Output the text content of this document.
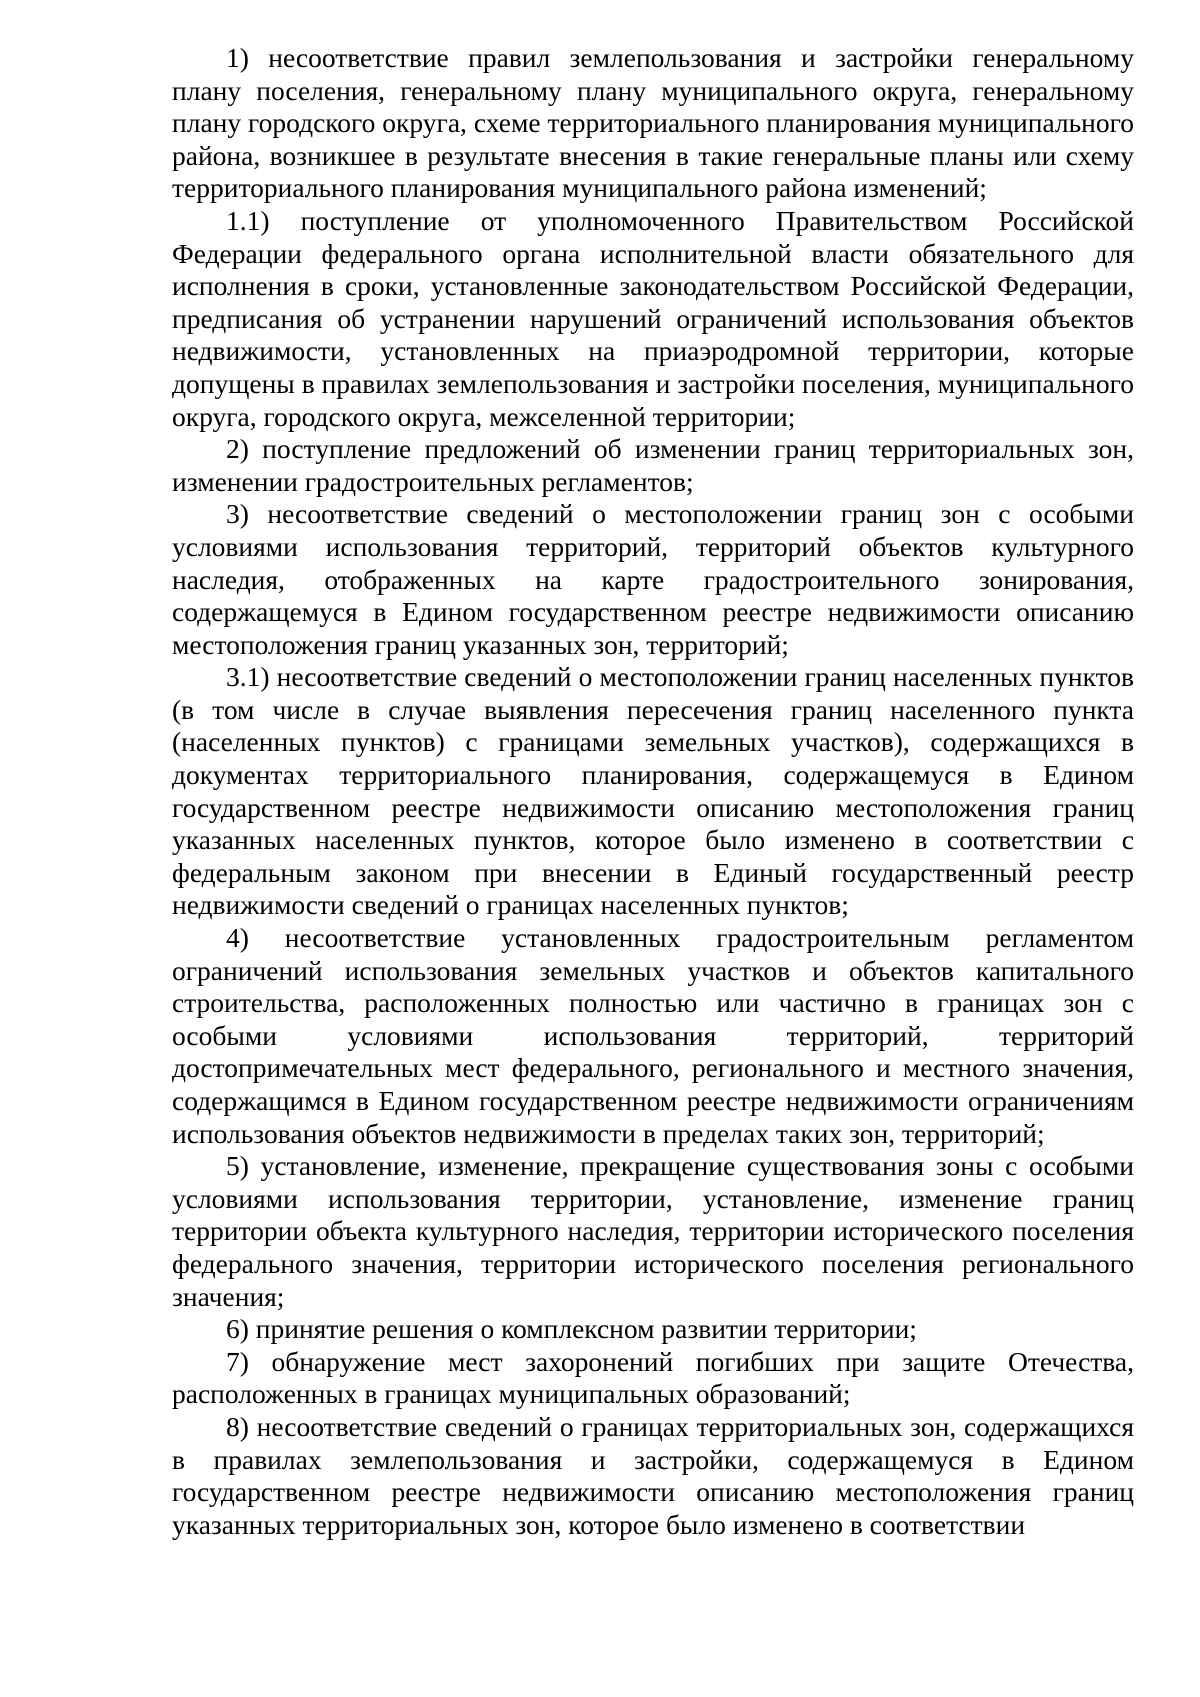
1) несоответствие правил землепользования и застройки генеральному плану поселения, генеральному плану муниципального округа, генеральному плану городского округа, схеме территориального планирования муниципального района, возникшее в результате внесения в такие генеральные планы или схему территориального планирования муниципального района изменений;

1.1) поступление от уполномоченного Правительством Российской Федерации федерального органа исполнительной власти обязательного для исполнения в сроки, установленные законодательством Российской Федерации, предписания об устранении нарушений ограничений использования объектов недвижимости, установленных на приаэродромной территории, которые допущены в правилах землепользования и застройки поселения, муниципального округа, городского округа, межселенной территории;

2) поступление предложений об изменении границ территориальных зон, изменении градостроительных регламентов;

3) несоответствие сведений о местоположении границ зон с особыми условиями использования территорий, территорий объектов культурного наследия, отображенных на карте градостроительного зонирования, содержащемуся в Едином государственном реестре недвижимости описанию местоположения границ указанных зон, территорий;

3.1) несоответствие сведений о местоположении границ населенных пунктов (в том числе в случае выявления пересечения границ населенного пункта (населенных пунктов) с границами земельных участков), содержащихся в документах территориального планирования, содержащемуся в Едином государственном реестре недвижимости описанию местоположения границ указанных населенных пунктов, которое было изменено в соответствии с федеральным законом при внесении в Единый государственный реестр недвижимости сведений о границах населенных пунктов;

4) несоответствие установленных градостроительным регламентом ограничений использования земельных участков и объектов капитального строительства, расположенных полностью или частично в границах зон с особыми условиями использования территорий, территорий достопримечательных мест федерального, регионального и местного значения, содержащимся в Едином государственном реестре недвижимости ограничениям использования объектов недвижимости в пределах таких зон, территорий;

5) установление, изменение, прекращение существования зоны с особыми условиями использования территории, установление, изменение границ территории объекта культурного наследия, территории исторического поселения федерального значения, территории исторического поселения регионального значения;

6) принятие решения о комплексном развитии территории;

7) обнаружение мест захоронений погибших при защите Отечества, расположенных в границах муниципальных образований;

8) несоответствие сведений о границах территориальных зон, содержащихся в правилах землепользования и застройки, содержащемуся в Едином государственном реестре недвижимости описанию местоположения границ указанных территориальных зон, которое было изменено в соответствии
